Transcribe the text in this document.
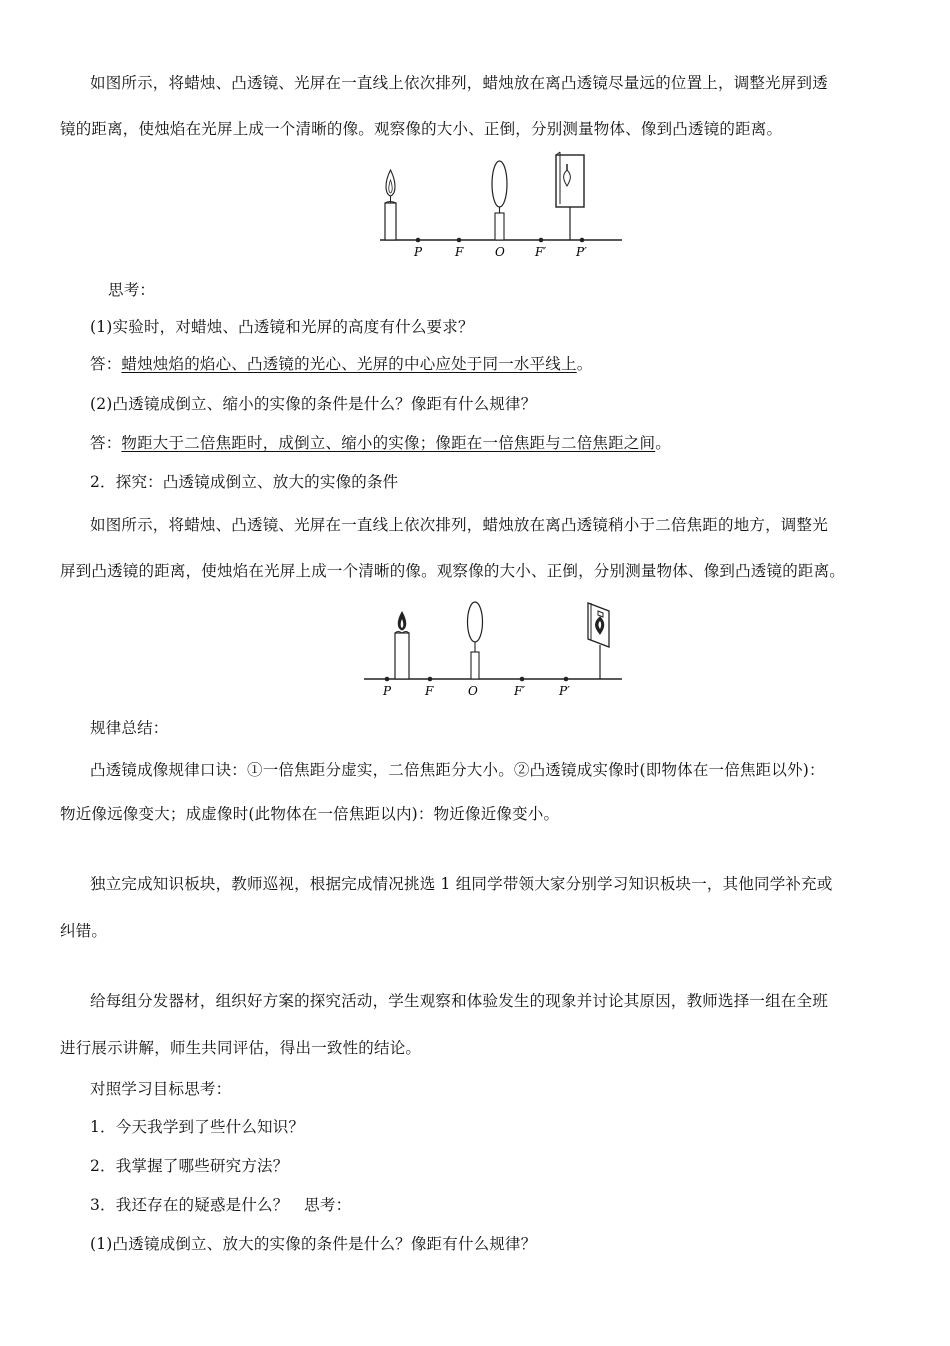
如图所示，将蜡烛、凸透镜、光屏在一直线上依次排列，蜡烛放在离凸透镜尽量远的位置上，调整光屏到透
镜的距离，使烛焰在光屏上成一个清晰的像。观察像的大小、正倒，分别测量物体、像到凸透镜的距离。
P	F	O	F′ P′
思考：
(1)实验时，对蜡烛、凸透镜和光屏的高度有什么要求？
答：蜡烛烛焰的焰心、凸透镜的光心、光屏的中心应处于同一水平线上。
(2)凸透镜成倒立、缩小的实像的条件是什么？像距有什么规律？
答：物距大于二倍焦距时，成倒立、缩小的实像；像距在一倍焦距与二倍焦距之间。
2．探究：凸透镜成倒立、放大的实像的条件
如图所示，将蜡烛、凸透镜、光屏在一直线上依次排列，蜡烛放在离凸透镜稍小于二倍焦距的地方，调整光
屏到凸透镜的距离，使烛焰在光屏上成一个清晰的像。观察像的大小、正倒，分别测量物体、像到凸透镜的距离。
P	F	O	F′	P′
规律总结：
凸透镜成像规律口诀：①一倍焦距分虚实，二倍焦距分大小。②凸透镜成实像时(即物体在一倍焦距以外)：
物近像远像变大；成虚像时(此物体在一倍焦距以内)：物近像近像变小。
独立完成知识板块，教师巡视，根据完成情况挑选 1 组同学带领大家分别学习知识板块一，其他同学补充或
纠错。
给每组分发器材，组织好方案的探究活动，学生观察和体验发生的现象并讨论其原因，教师选择一组在全班
进行展示讲解，师生共同评估，得出一致性的结论。
对照学习目标思考：
1．今天我学到了些什么知识？
2．我掌握了哪些研究方法？
3．我还存在的疑惑是什么？　思考：
(1)凸透镜成倒立、放大的实像的条件是什么？像距有什么规律？
